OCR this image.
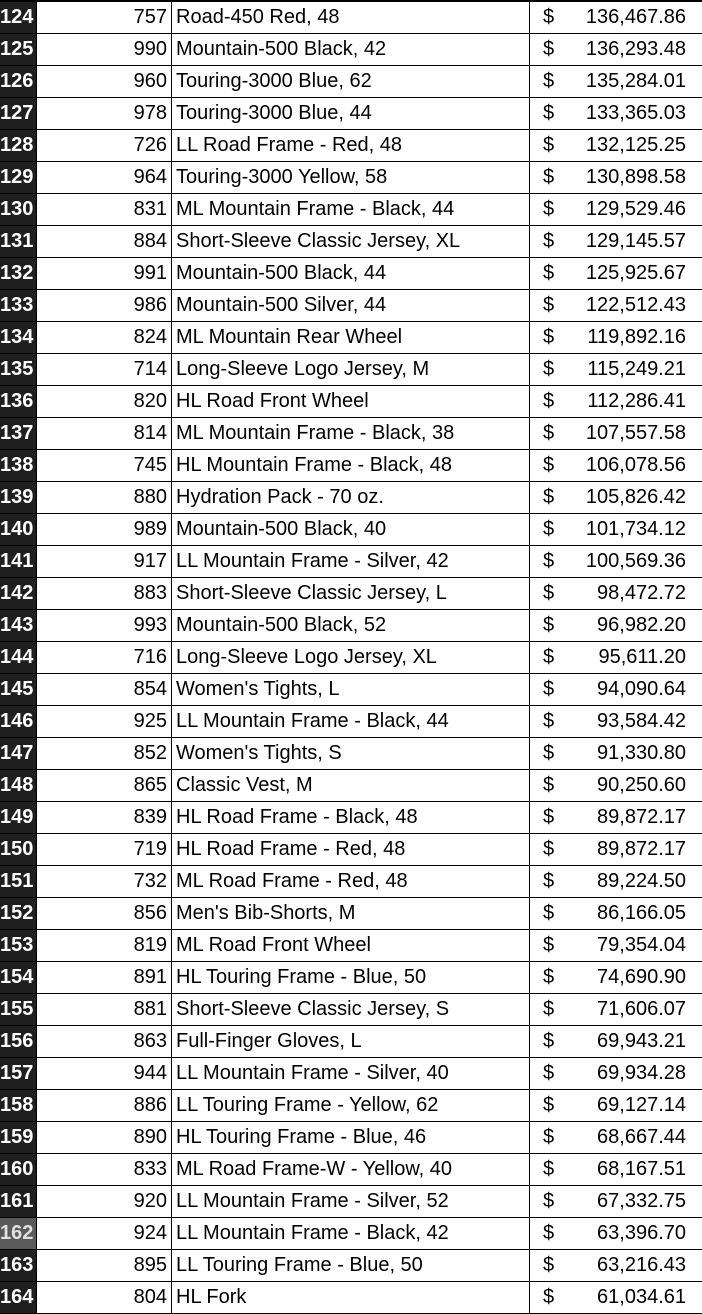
124	757 Road-450 Red, 48	$ 136,467.86
125	990 Mountain-500 Black, 42	$ 136,293.48
126	960 Touring-3000 Blue, 62	$ 135,284.01
127	978 Touring-3000 Blue, 44	$ 133,365.03
128	726 LL Road Frame - Red, 48	$ 132,125.25
129	964 Touring-3000 Yellow, 58	$ 130,898.58
130	831 ML Mountain Frame - Black, 44	$ 129,529.46
131	884 Short-Sleeve Classic Jersey, XL	$ 129,145.57
132	991 Mountain-500 Black, 44	$ 125,925.67
133	986 Mountain-500 Silver, 44	$ 122,512.43
134	824 ML Mountain Rear Wheel	$ 119,892.16
135	714 Long-Sleeve Logo Jersey, M	$ 115,249.21
136	820 HL Road Front Wheel	$ 112,286.41
137	814 ML Mountain Frame - Black, 38	$ 107,557.58
138	745 HL Mountain Frame - Black, 48	$ 106,078.56
139	880 Hydration Pack - 70 oz.	$ 105,826.42
140	989 Mountain-500 Black, 40	$ 101,734.12
141	917 LL Mountain Frame - Silver, 42	$ 100,569.36
142	883 Short-Sleeve Classic Jersey, L	$ 98,472.72
143	993 Mountain-500 Black, 52	$ 96,982.20
144	716 Long-Sleeve Logo Jersey, XL	$ 95,611.20
145	854 Women's Tights, L	$ 94,090.64
146	925 LL Mountain Frame - Black, 44	$ 93,584.42
147	852 Women's Tights, S	$ 91,330.80
148	865 Classic Vest, M	$ 90,250.60
149	839 HL Road Frame - Black, 48	$ 89,872.17
150	719 HL Road Frame - Red, 48	$ 89,872.17
151	732 ML Road Frame - Red, 48	$ 89,224.50
152	856 Men's Bib-Shorts, M	$ 86,166.05
153	819 ML Road Front Wheel	$ 79,354.04
154	891 HL Touring Frame - Blue, 50	$ 74,690.90
155	881 Short-Sleeve Classic Jersey, S	$ 71,606.07
156	863 Full-Finger Gloves, L	$ 69,943.21
157	944 LL Mountain Frame - Silver, 40	$ 69,934.28
158	886 LL Touring Frame - Yellow, 62	$ 69,127.14
159	890 HL Touring Frame - Blue, 46	$ 68,667.44
160	833 ML Road Frame-W - Yellow, 40	$ 68,167.51
161	920 LL Mountain Frame - Silver, 52	$ 67,332.75
162	924 LL Mountain Frame - Black, 42	$ 63,396.70
163	895 LL Touring Frame - Blue, 50	$ 63,216.43
164	804 HL Fork	$ 61,034.61
